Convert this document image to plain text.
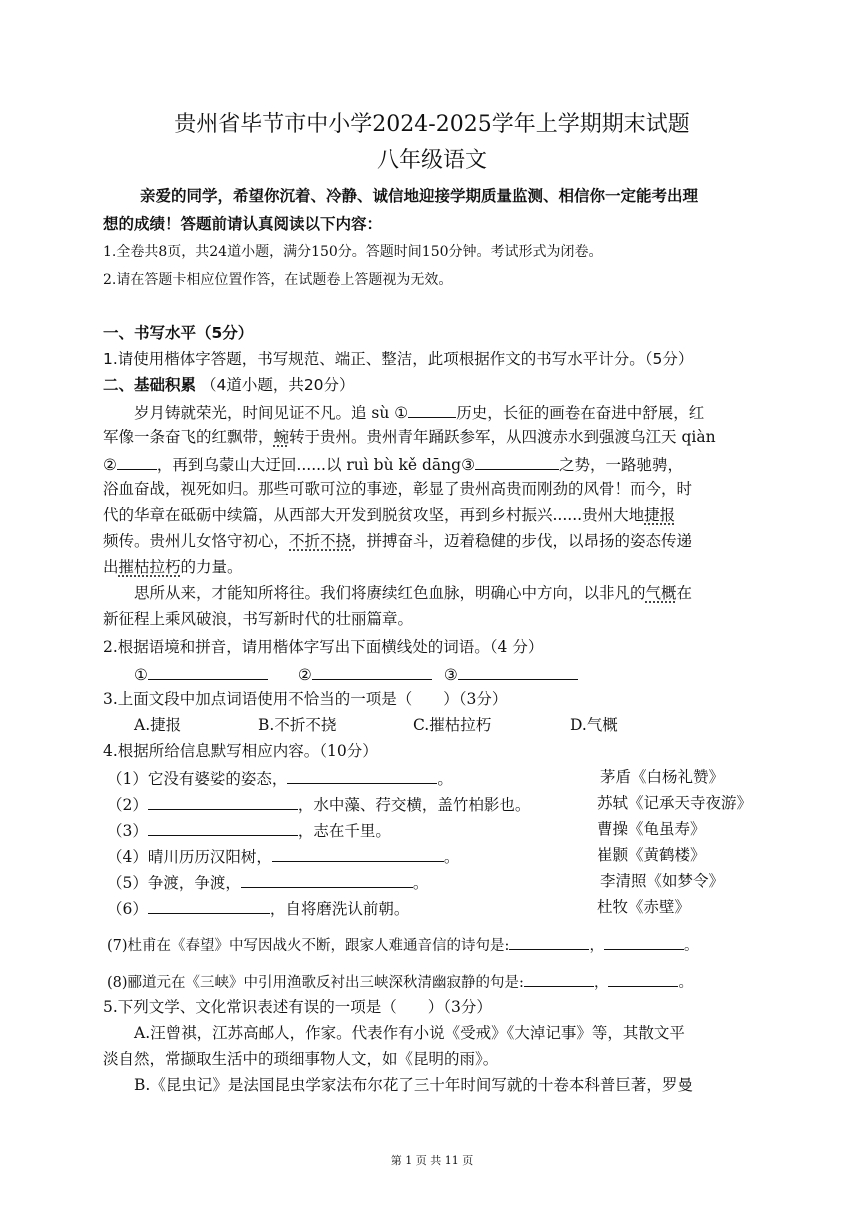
贵州省毕节市中小学2024-2025学年上学期期末试题
八年级语文
亲爱的同学，希望你沉着、冷静、诚信地迎接学期质量监测、相信你一定能考出理
想的成绩！答题前请认真阅读以下内容：
1.全卷共8页，共24道小题，满分150分。答题时间150分钟。考试形式为闭卷。
2.请在答题卡相应位置作答，在试题卷上答题视为无效。
一、书写水平（5分）
1.请使用楷体字答题，书写规范、端正、整洁，此项根据作文的书写水平计分。（5分）
二、基础积累 （4道小题，共20分）
岁月铸就荣光，时间见证不凡。追 sù ①	历史，长征的画卷在奋进中舒展，红
军像一条奋飞的红飘带，蜿转于贵州。贵州青年踊跃参军，从四渡赤水到强渡乌江天 qiàn
②	，再到乌蒙山大迂回......以 ruì bù kě dāng③	之势，一路驰骋，
浴血奋战，视死如归。那些可歌可泣的事迹，彰显了贵州高贵而刚劲的风骨！而今，时
代的华章在砥砺中续篇，从西部大开发到脱贫攻坚，再到乡村振兴......贵州大地捷报
频传。贵州儿女恪守初心，不折不挠，拼搏奋斗，迈着稳健的步伐，以昂扬的姿态传递
出摧枯拉朽的力量。
思所从来，才能知所将往。我们将赓续红色血脉，明确心中方向，以非凡的气概在
新征程上乘风破浪，书写新时代的壮丽篇章。
2.根据语境和拼音，请用楷体字写出下面横线处的词语。（4 分）
①	②	③
3.上面文段中加点词语使用不恰当的一项是（　　）（3分）
A.捷报	B.不折不挠	C.摧枯拉朽	D.气概
4.根据所给信息默写相应内容。（10分）
（1）它没有婆娑的姿态，	。	茅盾《白杨礼赞》
（2）	，水中藻、荇交横，盖竹柏影也。	苏轼《记承天寺夜游》
（3）	，志在千里。	曹操《龟虽寿》
（4）晴川历历汉阳树，	。	崔颢《黄鹤楼》
（5）争渡，争渡，	。	李清照《如梦令》
（6）	，自将磨洗认前朝。	杜牧《赤壁》
(7)杜甫在《春望》中写因战火不断，跟家人难通音信的诗句是:	，	。
(8)郦道元在《三峡》中引用渔歌反衬出三峡深秋清幽寂静的句是:	，	。
5.下列文学、文化常识表述有误的一项是（　　）（3分）
A.汪曾祺，江苏高邮人，作家。代表作有小说《受戒》《大淖记事》等，其散文平
淡自然，常撷取生活中的琐细事物人文，如《昆明的雨》。
B.《昆虫记》是法国昆虫学家法布尔花了三十年时间写就的十卷本科普巨著，罗曼
第 1 页 共 11 页
